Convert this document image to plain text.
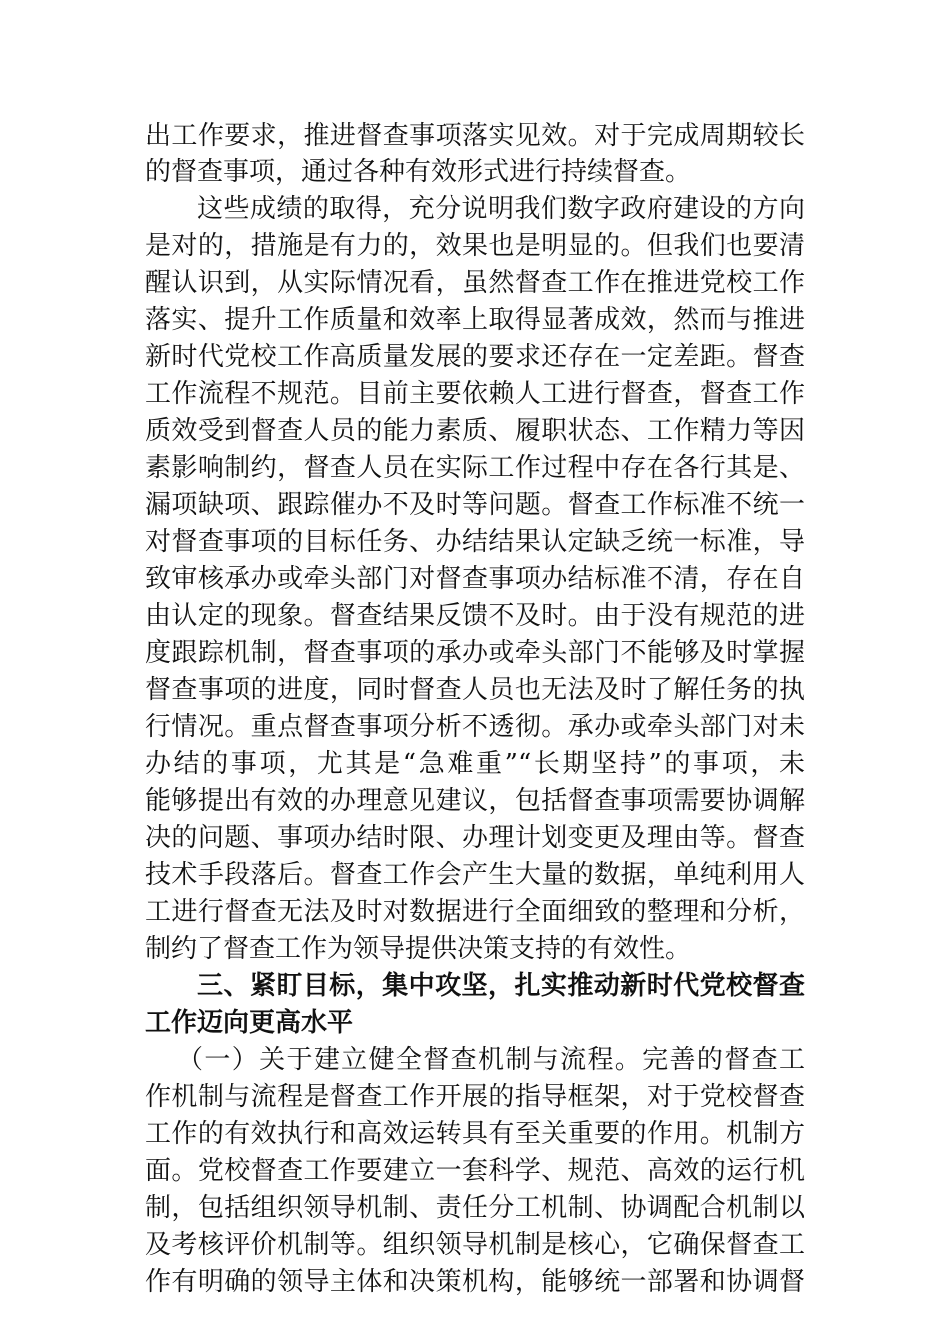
出工作要求，推进督查事项落实见效。对于完成周期较长

的督查事项，通过各种有效形式进行持续督查。

这些成绩的取得，充分说明我们数字政府建设的方向

是对的，措施是有力的，效果也是明显的。但我们也要清

醒认识到，从实际情况看，虽然督查工作在推进党校工作

落实、提升工作质量和效率上取得显著成效，然而与推进

新时代党校工作高质量发展的要求还存在一定差距。督查

工作流程不规范。目前主要依赖人工进行督查，督查工作

质效受到督查人员的能力素质、履职状态、工作精力等因

素影响制约，督查人员在实际工作过程中存在各行其是、

漏项缺项、跟踪催办不及时等问题。督查工作标准不统一

对督查事项的目标任务、办结结果认定缺乏统一标准，导

致审核承办或牵头部门对督查事项办结标准不清，存在自

由认定的现象。督查结果反馈不及时。由于没有规范的进

度跟踪机制，督查事项的承办或牵头部门不能够及时掌握

督查事项的进度，同时督查人员也无法及时了解任务的执

行情况。重点督查事项分析不透彻。承办或牵头部门对未

办结的事项，尤其是“急难重”“长期坚持”的事项，未

能够提出有效的办理意见建议，包括督查事项需要协调解

决的问题、事项办结时限、办理计划变更及理由等。督查

技术手段落后。督查工作会产生大量的数据，单纯利用人

工进行督查无法及时对数据进行全面细致的整理和分析，

制约了督查工作为领导提供决策支持的有效性。

三、紧盯目标，集中攻坚，扎实推动新时代党校督查

工作迈向更高水平

（一）关于建立健全督查机制与流程。完善的督查工

作机制与流程是督查工作开展的指导框架，对于党校督查

工作的有效执行和高效运转具有至关重要的作用。机制方

面。党校督查工作要建立一套科学、规范、高效的运行机

制，包括组织领导机制、责任分工机制、协调配合机制以

及考核评价机制等。组织领导机制是核心，它确保督查工

作有明确的领导主体和决策机构，能够统一部署和协调督
